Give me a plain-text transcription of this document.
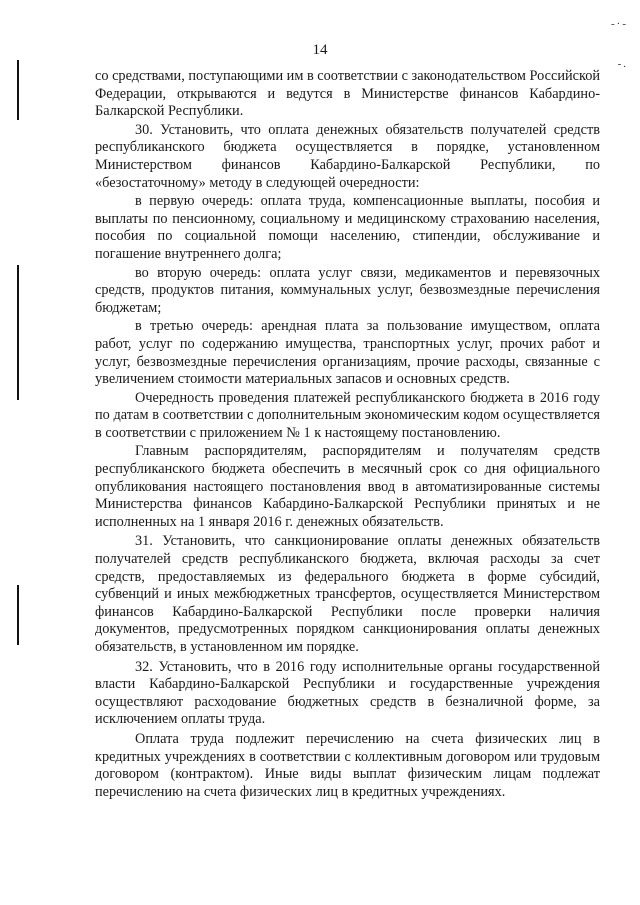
-·-
-.
14

со средствами, поступающими им в соответствии с законодательством Российской Федерации, открываются и ведутся в Министерстве финансов Кабардино-Балкарской Республики.

30. Установить, что оплата денежных обязательств получателей средств республиканского бюджета осуществляется в порядке, установленном Министерством финансов Кабардино-Балкарской Республики, по «безостаточному» методу в следующей очередности:

в первую очередь: оплата труда, компенсационные выплаты, пособия и выплаты по пенсионному, социальному и медицинскому страхованию населения, пособия по социальной помощи населению, стипендии, обслуживание и погашение внутреннего долга;

во вторую очередь: оплата услуг связи, медикаментов и перевязочных средств, продуктов питания, коммунальных услуг, безвозмездные перечисления бюджетам;

в третью очередь: арендная плата за пользование имуществом, оплата работ, услуг по содержанию имущества, транспортных услуг, прочих работ и услуг, безвозмездные перечисления организациям, прочие расходы, связанные с увеличением стоимости материальных запасов и основных средств.

Очередность проведения платежей республиканского бюджета в 2016 году по датам в соответствии с дополнительным экономическим кодом осуществляется в соответствии с приложением № 1 к настоящему постановлению.

Главным распорядителям, распорядителям и получателям средств республиканского бюджета обеспечить в месячный срок со дня официального опубликования настоящего постановления ввод в автоматизированные системы Министерства финансов Кабардино-Балкарской Республики принятых и не исполненных на 1 января 2016 г. денежных обязательств.

31. Установить, что санкционирование оплаты денежных обязательств получателей средств республиканского бюджета, включая расходы за счет средств, предоставляемых из федерального бюджета в форме субсидий, субвенций и иных межбюджетных трансфертов, осуществляется Министерством финансов Кабардино-Балкарской Республики после проверки наличия документов, предусмотренных порядком санкционирования оплаты денежных обязательств, в установленном им порядке.

32. Установить, что в 2016 году исполнительные органы государственной власти Кабардино-Балкарской Республики и государственные учреждения осуществляют расходование бюджетных средств в безналичной форме, за исключением оплаты труда.

Оплата труда подлежит перечислению на счета физических лиц в кредитных учреждениях в соответствии с коллективным договором или трудовым договором (контрактом). Иные виды выплат физическим лицам подлежат перечислению на счета физических лиц в кредитных учреждениях.
